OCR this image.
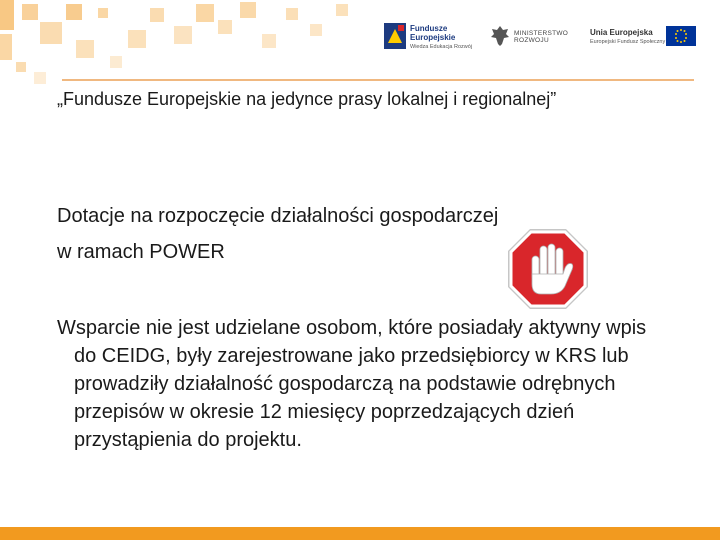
Fundusze
Europejskie
Wiedza Edukacja Rozwój
MINISTERSTWO
ROZWOJU
Unia Europejska
Europejski Fundusz Społeczny
„Fundusze Europejskie na jedynce prasy lokalnej i regionalnej”
Dotacje na rozpoczęcie działalności gospodarczej
w ramach POWER
Wsparcie nie jest udzielane osobom, które posiadały aktywny wpis do CEIDG, były zarejestrowane jako przedsiębiorcy w KRS lub prowadziły działalność gospodarczą na podstawie odrębnych przepisów w okresie 12 miesięcy poprzedzających dzień przystąpienia do projektu.
